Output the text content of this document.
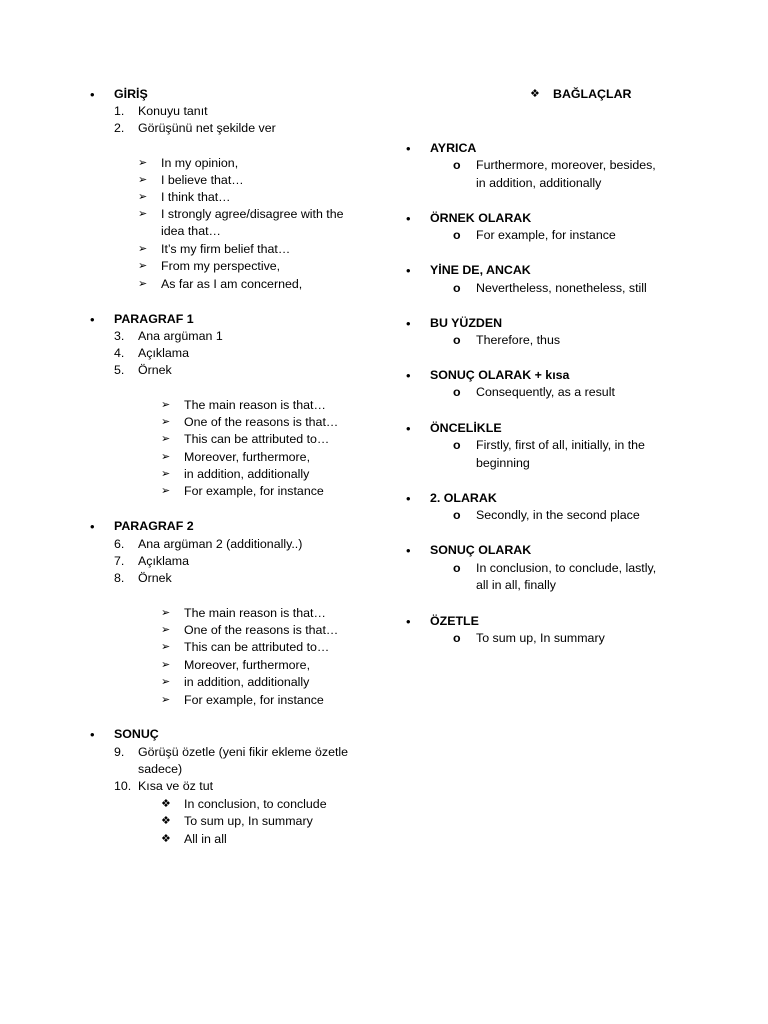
• GİRİŞ
1. Konuyu tanıt
2. Görüşünü net şekilde ver
➢ In my opinion,
➢ I believe that…
➢ I think that…
➢ I strongly agree/disagree with the
idea that…
➢ It’s my firm belief that…
➢ From my perspective,
➢ As far as I am concerned,
• PARAGRAF 1
3. Ana argüman 1
4. Açıklama
5. Örnek
➢ The main reason is that…
➢ One of the reasons is that…
➢ This can be attributed to…
➢ Moreover, furthermore,
➢ in addition, additionally
➢ For example, for instance
• PARAGRAF 2
6. Ana argüman 2 (additionally..)
7. Açıklama
8. Örnek
➢ The main reason is that…
➢ One of the reasons is that…
➢ This can be attributed to…
➢ Moreover, furthermore,
➢ in addition, additionally
➢ For example, for instance
• SONUÇ
9. Görüşü özetle (yeni fikir ekleme özetle
sadece)
10. Kısa ve öz tut
❖ In conclusion, to conclude
❖ To sum up, In summary
❖ All in all
❖ BAĞLAÇLAR
• AYRICA
o Furthermore, moreover, besides,
in addition, additionally
• ÖRNEK OLARAK
o For example, for instance
• YİNE DE, ANCAK
o Nevertheless, nonetheless, still
• BU YÜZDEN
o Therefore, thus
• SONUÇ OLARAK + kısa
o Consequently, as a result
• ÖNCELİKLE
o Firstly, first of all, initially, in the
beginning
• 2. OLARAK
o Secondly, in the second place
• SONUÇ OLARAK
o In conclusion, to conclude, lastly,
all in all, finally
• ÖZETLE
o To sum up, In summary
